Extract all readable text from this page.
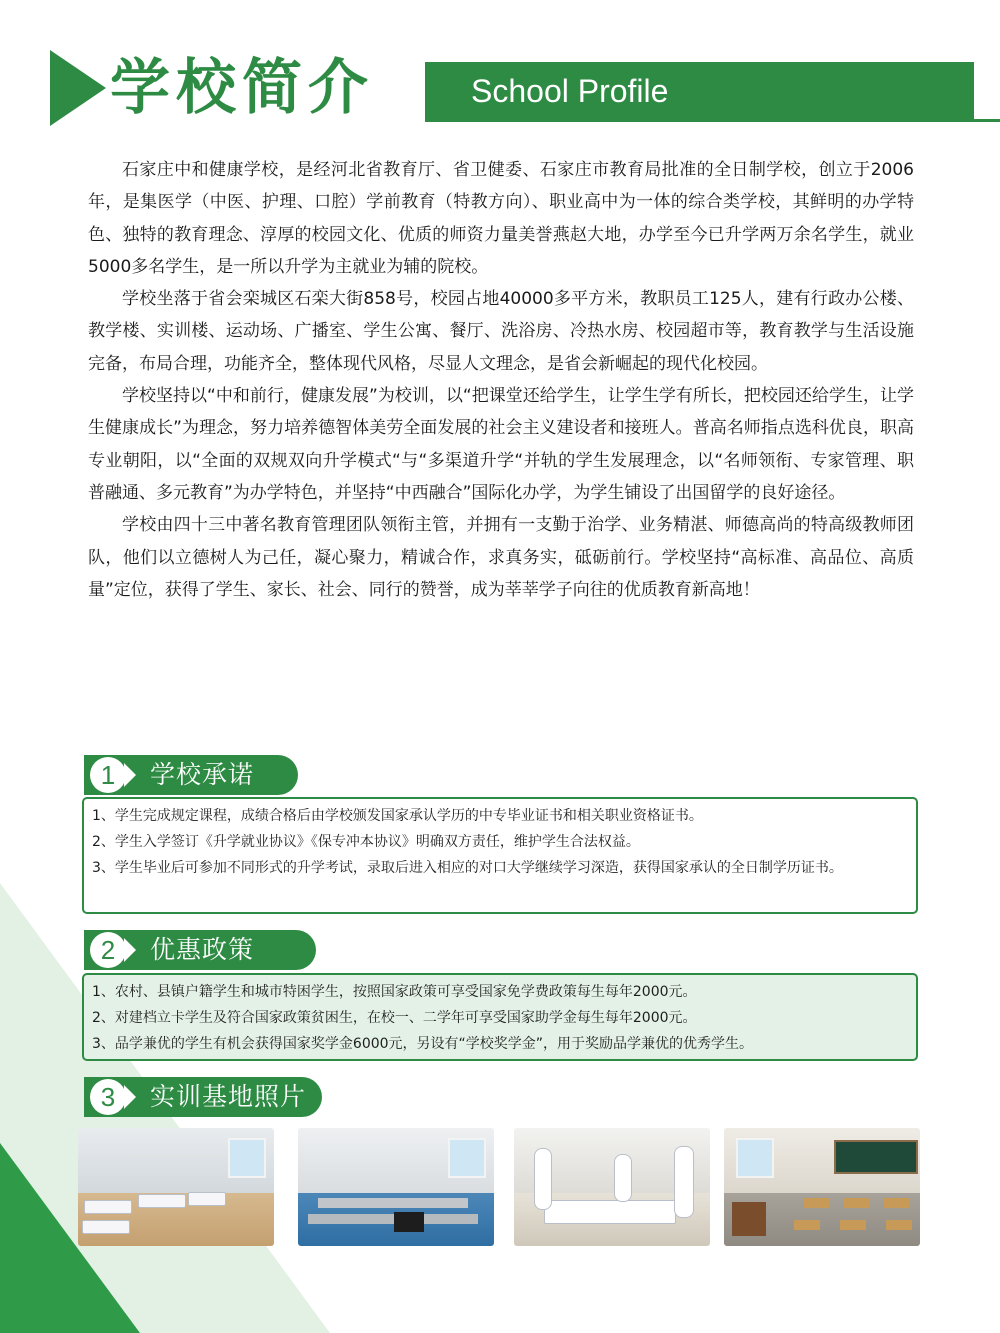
学校简介	School Profile

石家庄中和健康学校，是经河北省教育厅、省卫健委、石家庄市教育局批准的全日制学校，创立于2006年，是集医学（中医、护理、口腔）学前教育（特教方向）、职业高中为一体的综合类学校，其鲜明的办学特色、独特的教育理念、淳厚的校园文化、优质的师资力量美誉燕赵大地，办学至今已升学两万余名学生，就业5000多名学生，是一所以升学为主就业为辅的院校。

学校坐落于省会栾城区石栾大街858号，校园占地40000多平方米，教职员工125人，建有行政办公楼、教学楼、实训楼、运动场、广播室、学生公寓、餐厅、洗浴房、冷热水房、校园超市等，教育教学与生活设施完备，布局合理，功能齐全，整体现代风格，尽显人文理念，是省会新崛起的现代化校园。

学校坚持以“中和前行，健康发展”为校训，以“把课堂还给学生，让学生学有所长，把校园还给学生，让学生健康成长”为理念，努力培养德智体美劳全面发展的社会主义建设者和接班人。普高名师指点选科优良，职高专业朝阳，以“全面的双规双向升学模式“与“多渠道升学“并轨的学生发展理念，以“名师领衔、专家管理、职普融通、多元教育”为办学特色，并坚持“中西融合”国际化办学，为学生铺设了出国留学的良好途径。

学校由四十三中著名教育管理团队领衔主管，并拥有一支勤于治学、业务精湛、师德高尚的特高级教师团队，他们以立德树人为己任，凝心聚力，精诚合作，求真务实，砥砺前行。学校坚持“高标准、高品位、高质量”定位，获得了学生、家长、社会、同行的赞誉，成为莘莘学子向往的优质教育新高地！

1	学校承诺
1、学生完成规定课程，成绩合格后由学校颁发国家承认学历的中专毕业证书和相关职业资格证书。
2、学生入学签订《升学就业协议》《保专冲本协议》明确双方责任，维护学生合法权益。
3、学生毕业后可参加不同形式的升学考试，录取后进入相应的对口大学继续学习深造，获得国家承认的全日制学历证书。
2	优惠政策
1、农村、县镇户籍学生和城市特困学生，按照国家政策可享受国家免学费政策每生每年2000元。
2、对建档立卡学生及符合国家政策贫困生，在校一、二学年可享受国家助学金每生每年2000元。
3、品学兼优的学生有机会获得国家奖学金6000元，另设有“学校奖学金”，用于奖励品学兼优的优秀学生。
3	实训基地照片
